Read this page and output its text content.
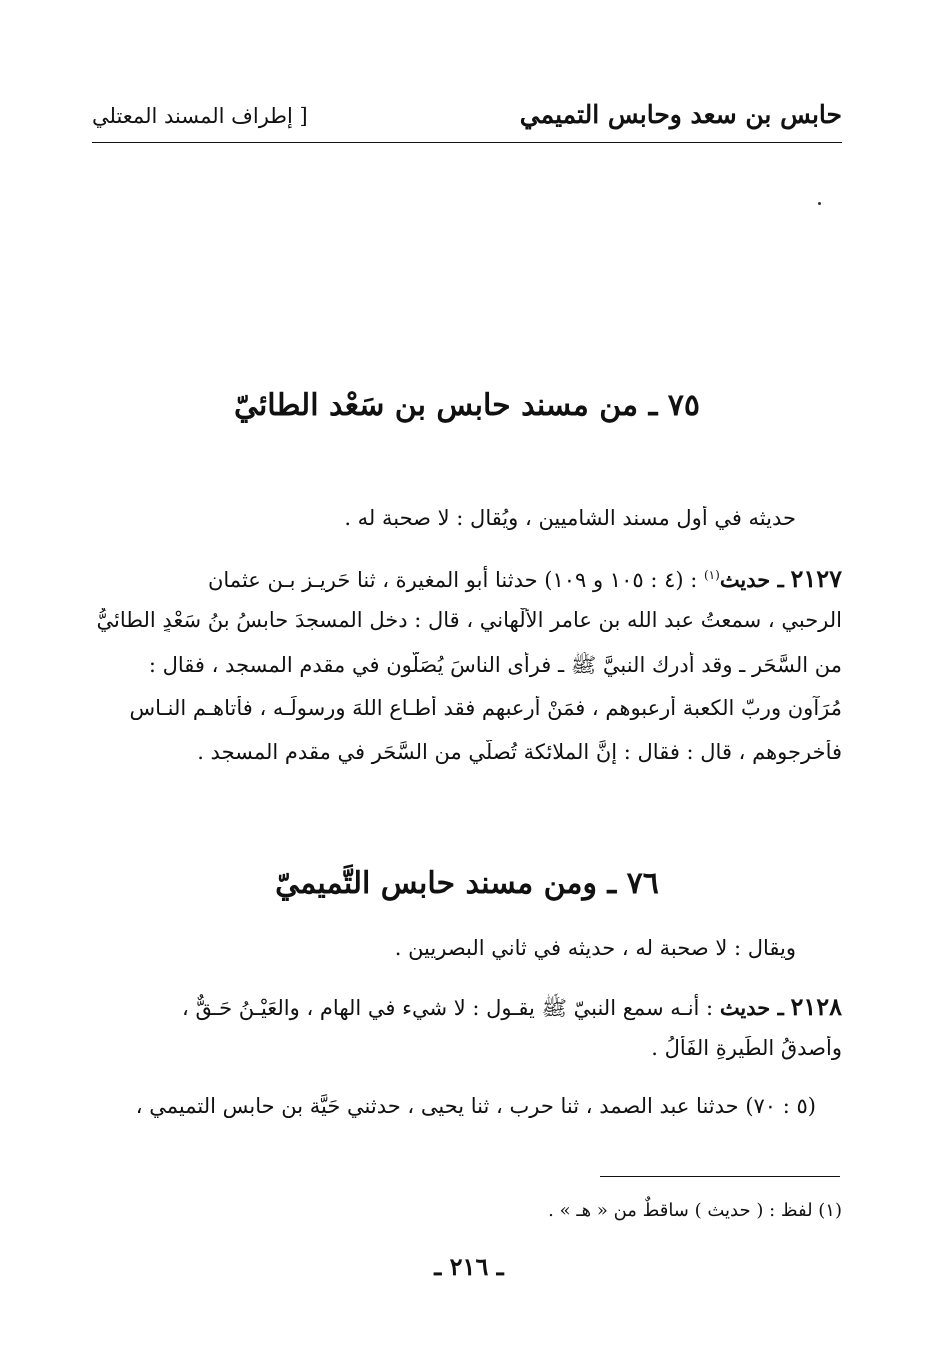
حابس بن سعد وحابس التميمي
[ إطراف المسند المعتلي
٧٥ ـ من مسند حابس بن سَعْد الطائيّ
حديثه في أول مسند الشاميين ، ويُقال : لا صحبة له .
٢١٢٧ ـ حديث$^{(١)}$ : (٤ : ١٠٥ و ١٠٩) حدثنا أبو المغيرة ، ثنا حَريـز بـن عثمان
الرحبي ، سمعتُ عبد الله بن عامر الألْهاني ، قال : دخل المسجدَ حابسُ بنُ سَعْدٍ الطائيُّ
من السَّحَر ـ وقد أدرك النبيَّ ﷺ ـ فرأى الناسَ يُصَلُّون في مقدم المسجد ، فقال :
مُرَآون وربّ الكعبة أرعبوهم ، فمَنْ أرعبهم فقد أطـاع اللهَ ورسولَـه ، فأتاهـم النـاس
فأخرجوهم ، قال : فقال : إنَّ الملائكة تُصلّي من السَّحَر في مقدم المسجد .
٧٦ ـ ومن مسند حابس التَّميميّ
ويقال : لا صحبة له ، حديثه في ثاني البصريين .
٢١٢٨ ـ حديث : أنـه سمع النبيّ ﷺ يقـول : لا شيء في الهام ، والعَيْـنُ حَـقٌّ ،
وأصدقُ الطِّيرةِ الفَألُ .
(٥ : ٧٠) حدثنا عبد الصمد ، ثنا حرب ، ثنا يحيى ، حدثني حَيَّة بن حابس التميمي ،
(١) لفظ : ( حديث ) ساقطٌ من « هـ » .
ـ ٢١٦ ـ
